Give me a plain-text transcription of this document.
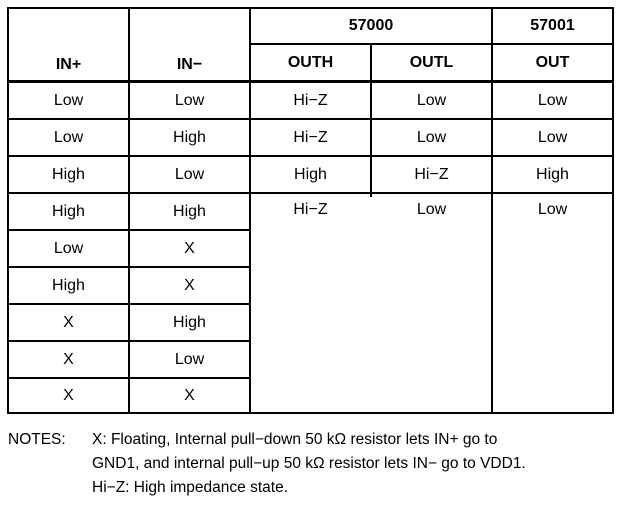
57000	57001
IN+	IN−	OUTH	OUTL	OUT
Low	Low	Hi−Z	Low	Low
Low	High	Hi−Z	Low	Low
High	Low	High	Hi−Z	High
High	High	Hi−Z	Low	Low
Low	X
High	X
X	High
X	Low
X	X
NOTES: X: Floating, Internal pull−down 50 kΩ resistor lets IN+ go to
GND1, and internal pull−up 50 kΩ resistor lets IN− go to VDD1.
Hi−Z: High impedance state.
